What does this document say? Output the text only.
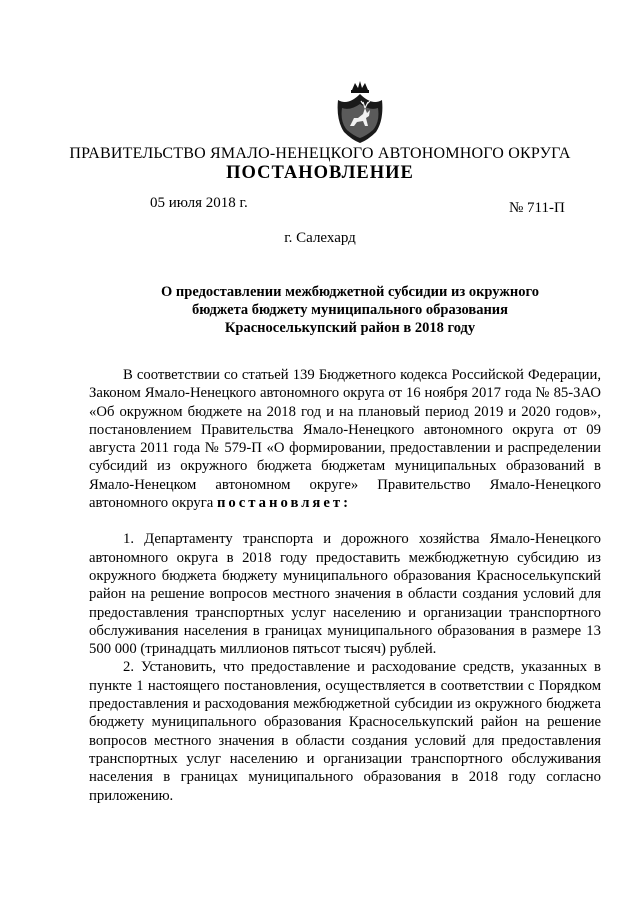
ПРАВИТЕЛЬСТВО ЯМАЛО-НЕНЕЦКОГО АВТОНОМНОГО ОКРУГА
ПОСТАНОВЛЕНИЕ
05 июля 2018 г.	№ 711-П
г. Салехард
О предоставлении межбюджетной субсидии из окружного
бюджета бюджету муниципального образования
Красноселькупский район в 2018 году

В соответствии со статьей 139 Бюджетного кодекса Российской Федерации, Законом Ямало-Ненецкого автономного округа от 16 ноября 2017 года № 85-ЗАО «Об окружном бюджете на 2018 год и на плановый период 2019 и 2020 годов», постановлением Правительства Ямало-Ненецкого автономного округа от 09 августа 2011 года № 579-П «О формировании, предоставлении и распределении субсидий из окружного бюджета бюджетам муниципальных образований в Ямало-Ненецком автономном округе» Правительство Ямало-Ненецкого автономного округа постановляет:

1. Департаменту транспорта и дорожного хозяйства Ямало-Ненецкого автономного округа в 2018 году предоставить межбюджетную субсидию из окружного бюджета бюджету муниципального образования Красноселькупский район на решение вопросов местного значения в области создания условий для предоставления транспортных услуг населению и организации транспортного обслуживания населения в границах муниципального образования в размере 13 500 000 (тринадцать миллионов пятьсот тысяч) рублей.

2. Установить, что предоставление и расходование средств, указанных в пункте 1 настоящего постановления, осуществляется в соответствии с Порядком предоставления и расходования межбюджетной субсидии из окружного бюджета бюджету муниципального образования Красноселькупский район на решение вопросов местного значения в области создания условий для предоставления транспортных услуг населению и организации транспортного обслуживания населения в границах муниципального образования в 2018 году согласно приложению.
